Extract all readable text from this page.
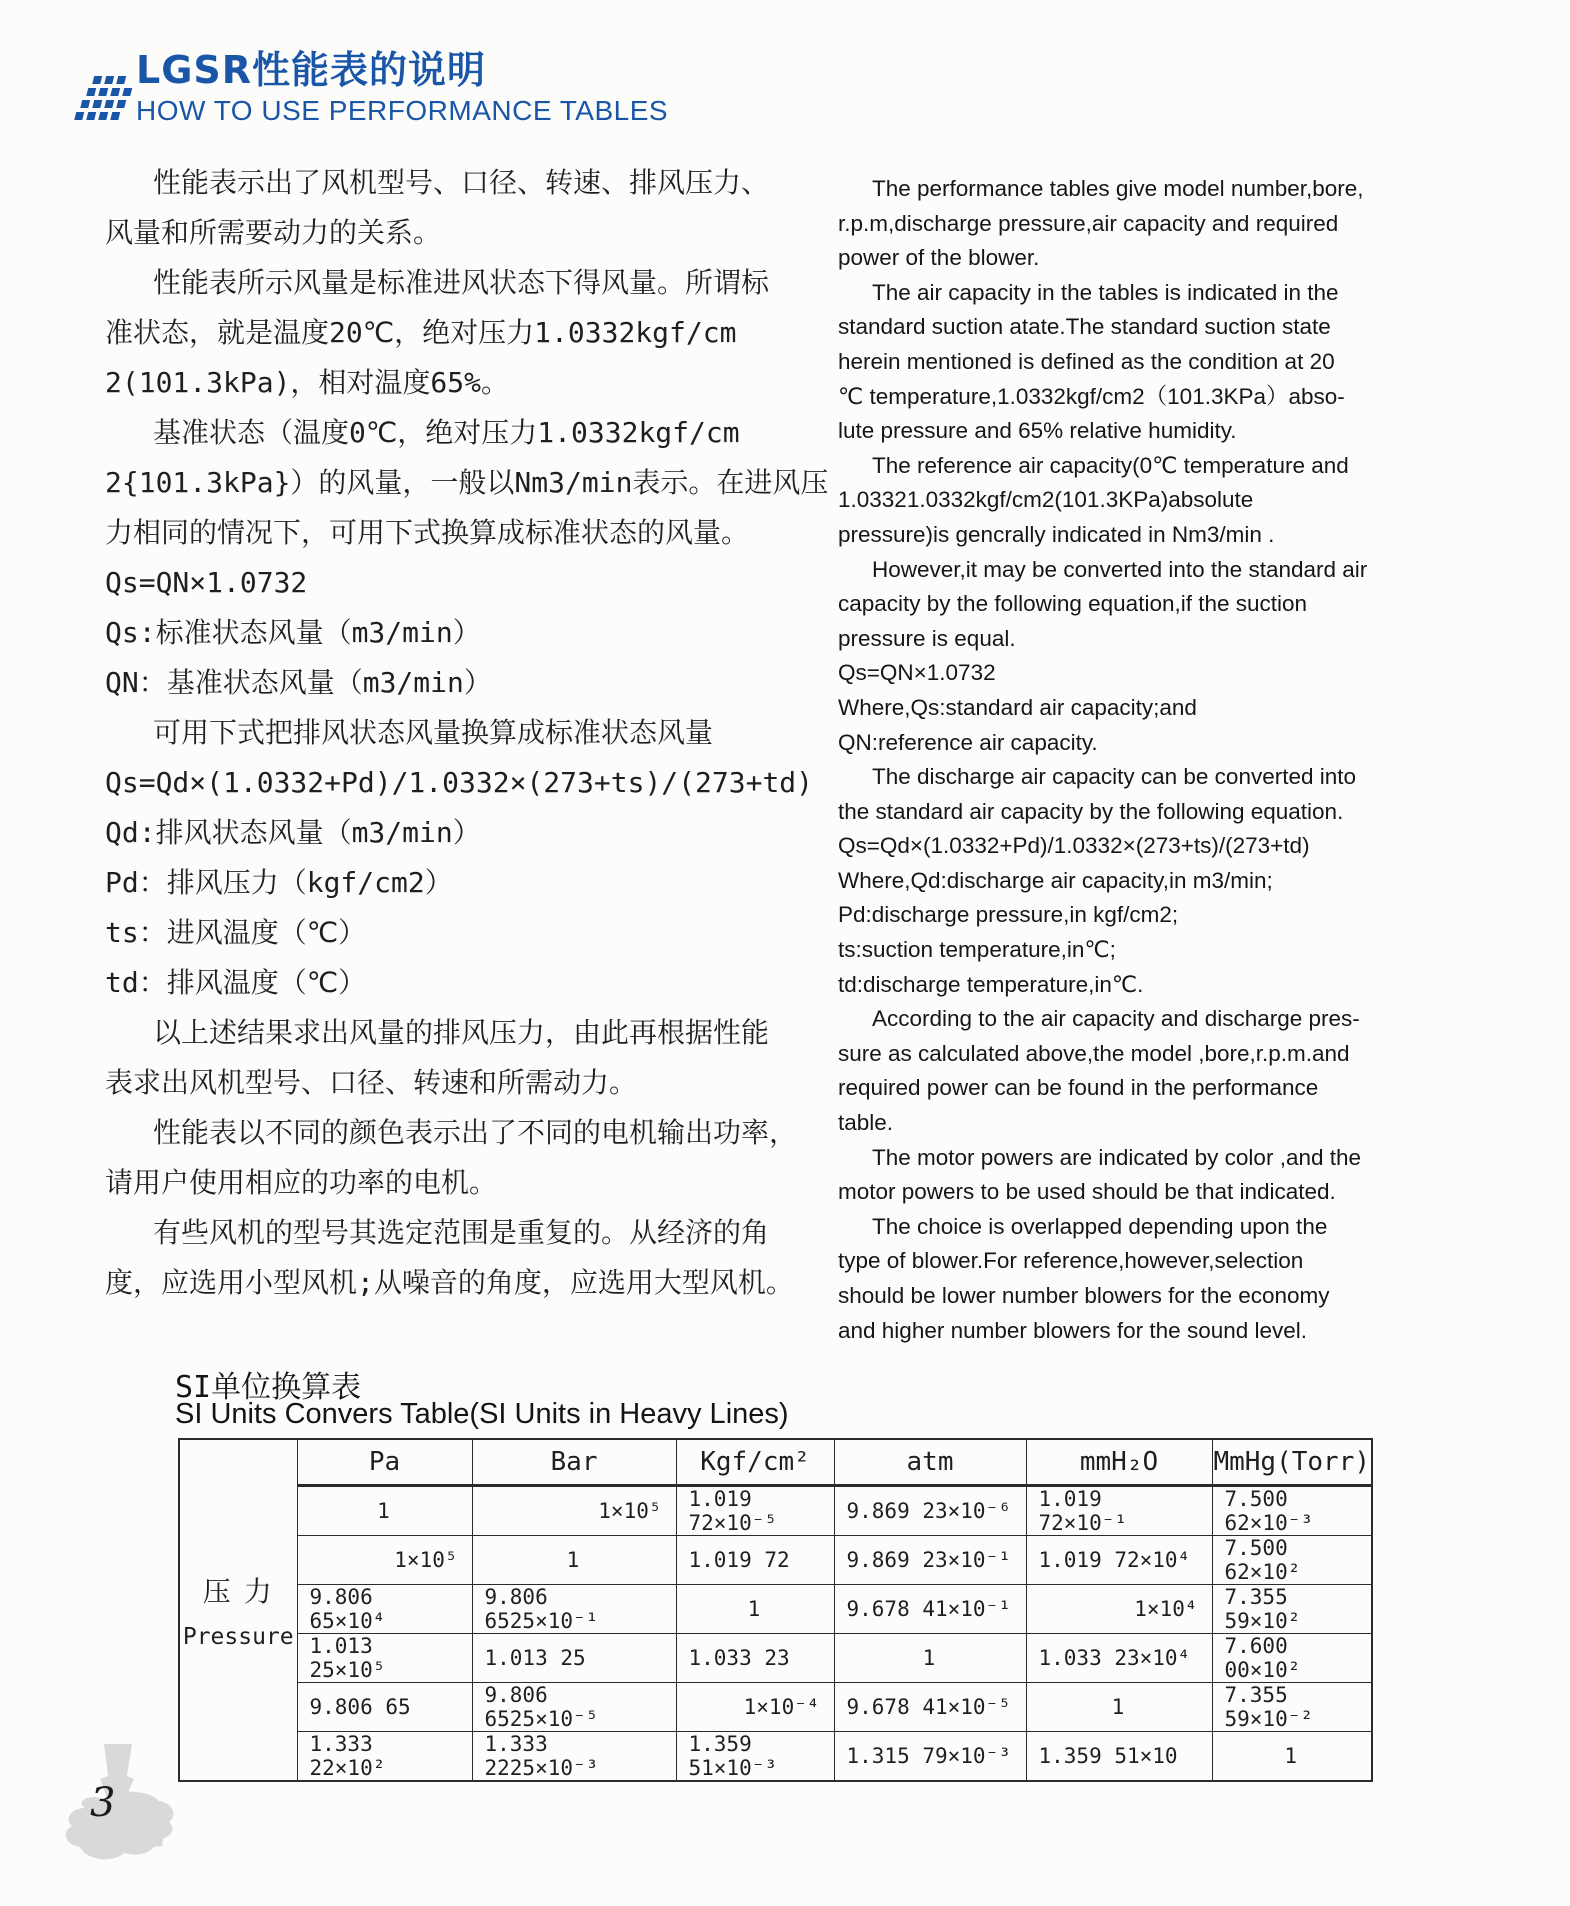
LGSR性能表的说明
HOW TO USE PERFORMANCE TABLES
性能表示出了风机型号、口径、转速、排风压力、
风量和所需要动力的关系。
性能表所示风量是标准进风状态下得风量。所谓标
准状态，就是温度20℃，绝对压力1.0332kgf/cm
2(101.3kPa)，相对温度65%。
基准状态（温度0℃，绝对压力1.0332kgf/cm
2{101.3kPa}）的风量，一般以Nm3/min表示。在进风压
力相同的情况下，可用下式换算成标准状态的风量。
Qs=QN×1.0732
Qs:标准状态风量（m3/min）
QN：基准状态风量（m3/min）
可用下式把排风状态风量换算成标准状态风量
Qs=Qd×(1.0332+Pd)/1.0332×(273+ts)/(273+td)
Qd:排风状态风量（m3/min）
Pd：排风压力（kgf/cm2）
ts：进风温度（℃）
td：排风温度（℃）
以上述结果求出风量的排风压力，由此再根据性能
表求出风机型号、口径、转速和所需动力。
性能表以不同的颜色表示出了不同的电机输出功率，
请用户使用相应的功率的电机。
有些风机的型号其选定范围是重复的。从经济的角
度，应选用小型风机;从噪音的角度，应选用大型风机。
The performance tables give model number,bore,
r.p.m,discharge pressure,air capacity and required
power of the blower.
The air capacity in the tables is indicated in the
standard suction atate.The standard suction state
herein mentioned is defined as the condition at 20
℃ temperature,1.0332kgf/cm2（101.3KPa）abso-
lute pressure and 65% relative humidity.
The reference air capacity(0℃ temperature and
1.03321.0332kgf/cm2(101.3KPa)absolute
pressure)is gencrally indicated in Nm3/min .
However,it may be converted into the standard air
capacity by the following equation,if the suction
pressure is equal.
Qs=QN×1.0732
Where,Qs:standard air capacity;and
QN:reference air capacity.
The discharge air capacity can be converted into
the standard air capacity by the following equation.
Qs=Qd×(1.0332+Pd)/1.0332×(273+ts)/(273+td)
Where,Qd:discharge air capacity,in m3/min;
Pd:discharge pressure,in kgf/cm2;
ts:suction temperature,in℃;
td:discharge temperature,in℃.
According to the air capacity and discharge pres-
sure as calculated above,the model ,bore,r.p.m.and
required power can be found in the performance
table.
The motor powers are indicated by color ,and the
motor powers to be used should be that indicated.
The choice is overlapped depending upon the
type of blower.For reference,however,selection
should be lower number blowers for the economy
and higher number blowers for the sound level.
SI单位换算表
SI Units Convers Table(SI Units in Heavy Lines)
压 力
Pressure	Pa	Bar	Kgf/cm²	atm	mmH₂O	MmHg(Torr)
	1	1×10⁵	1.019 72×10⁻⁵	9.869 23×10⁻⁶	1.019 72×10⁻¹	7.500 62×10⁻³
	1×10⁵	1	1.019 72	9.869 23×10⁻¹	1.019 72×10⁴	7.500 62×10²
	9.806 65×10⁴	9.806 6525×10⁻¹	1	9.678 41×10⁻¹	1×10⁴	7.355 59×10²
	1.013 25×10⁵	1.013 25	1.033 23	1	1.033 23×10⁴	7.600 00×10²
	9.806 65	9.806 6525×10⁻⁵	1×10⁻⁴	9.678 41×10⁻⁵	1	7.355 59×10⁻²
	1.333 22×10²	1.333 2225×10⁻³	1.359 51×10⁻³	1.315 79×10⁻³	1.359 51×10	1
3
